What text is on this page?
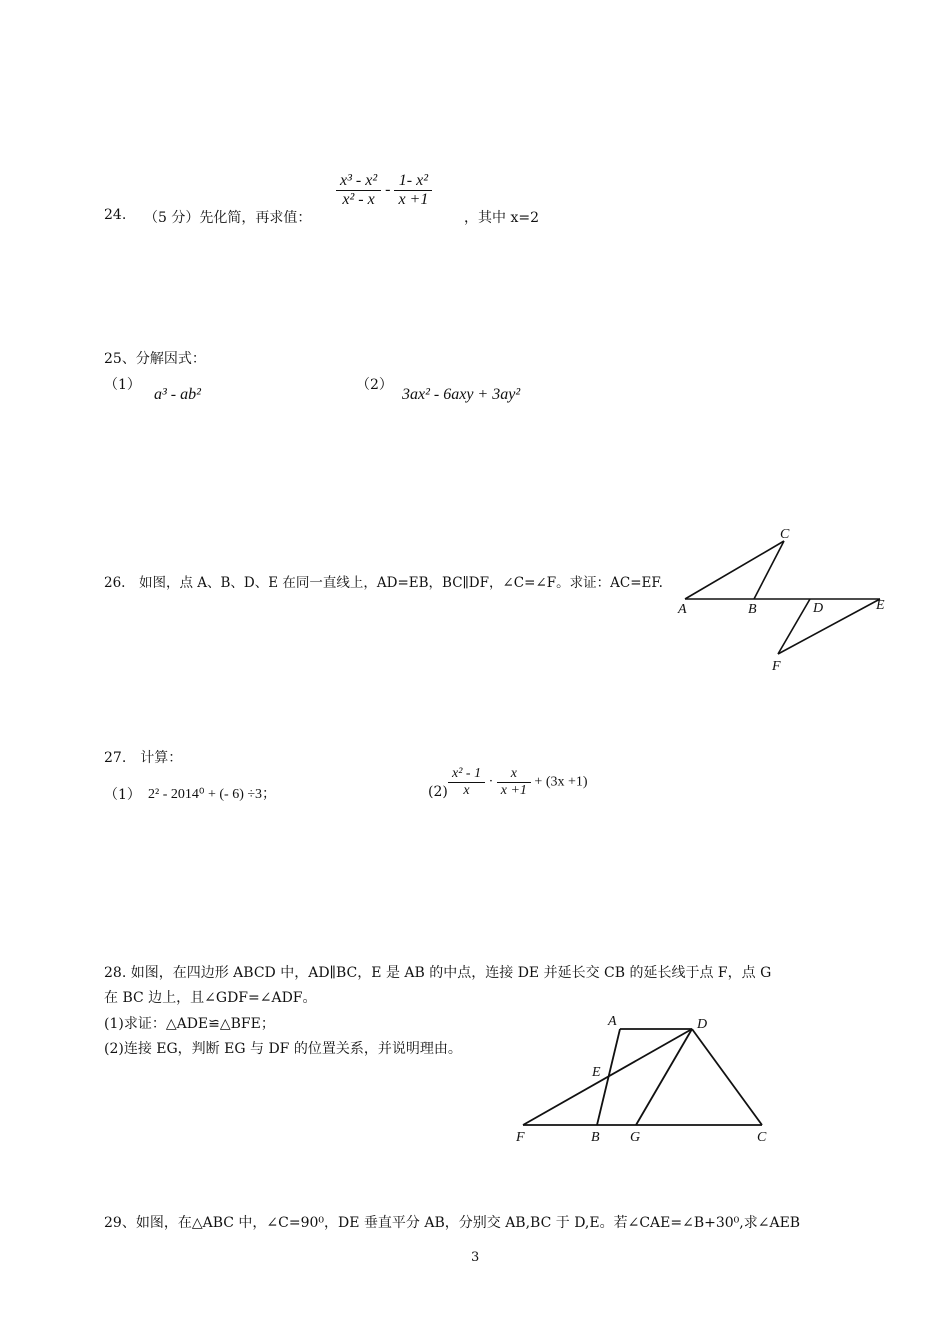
24. （5 分）先化简，再求值：
$\frac{\text{x³ - x²}}{\text{x² - x}} - \frac{\text{1- x²}}{x +1}$
，其中 x=2
25、分解因式：
（1）
a³ - ab²
（2）
3ax² - 6axy + 3ay²
26.　如图，点 A、B、D、E 在同一直线上，AD=EB，BC∥DF，∠C=∠F。求证：AC=EF.
C
A	B	D	E
F
27.　计算：
（1） 2² - 2014⁰ + (- 6) ÷3；	$(2) \frac{\text{x² - 1}}{x} \cdot \frac{x}{x +1} + (3x +1)$
28. 如图，在四边形 ABCD 中，AD∥BC，E 是 AB 的中点，连接 DE 并延长交 CB 的延长线于点 F，点 G
在 BC 边上，且∠GDF=∠ADF。
(1)求证：△ADE≌△BFE；
(2)连接 EG，判断 EG 与 DF 的位置关系，并说明理由。
A	D
E
F	B G	C
29、如图，在△ABC 中，∠C=90⁰，DE 垂直平分 AB，分别交 AB,BC 于 D,E。若∠CAE=∠B+30⁰,求∠AEB
3
